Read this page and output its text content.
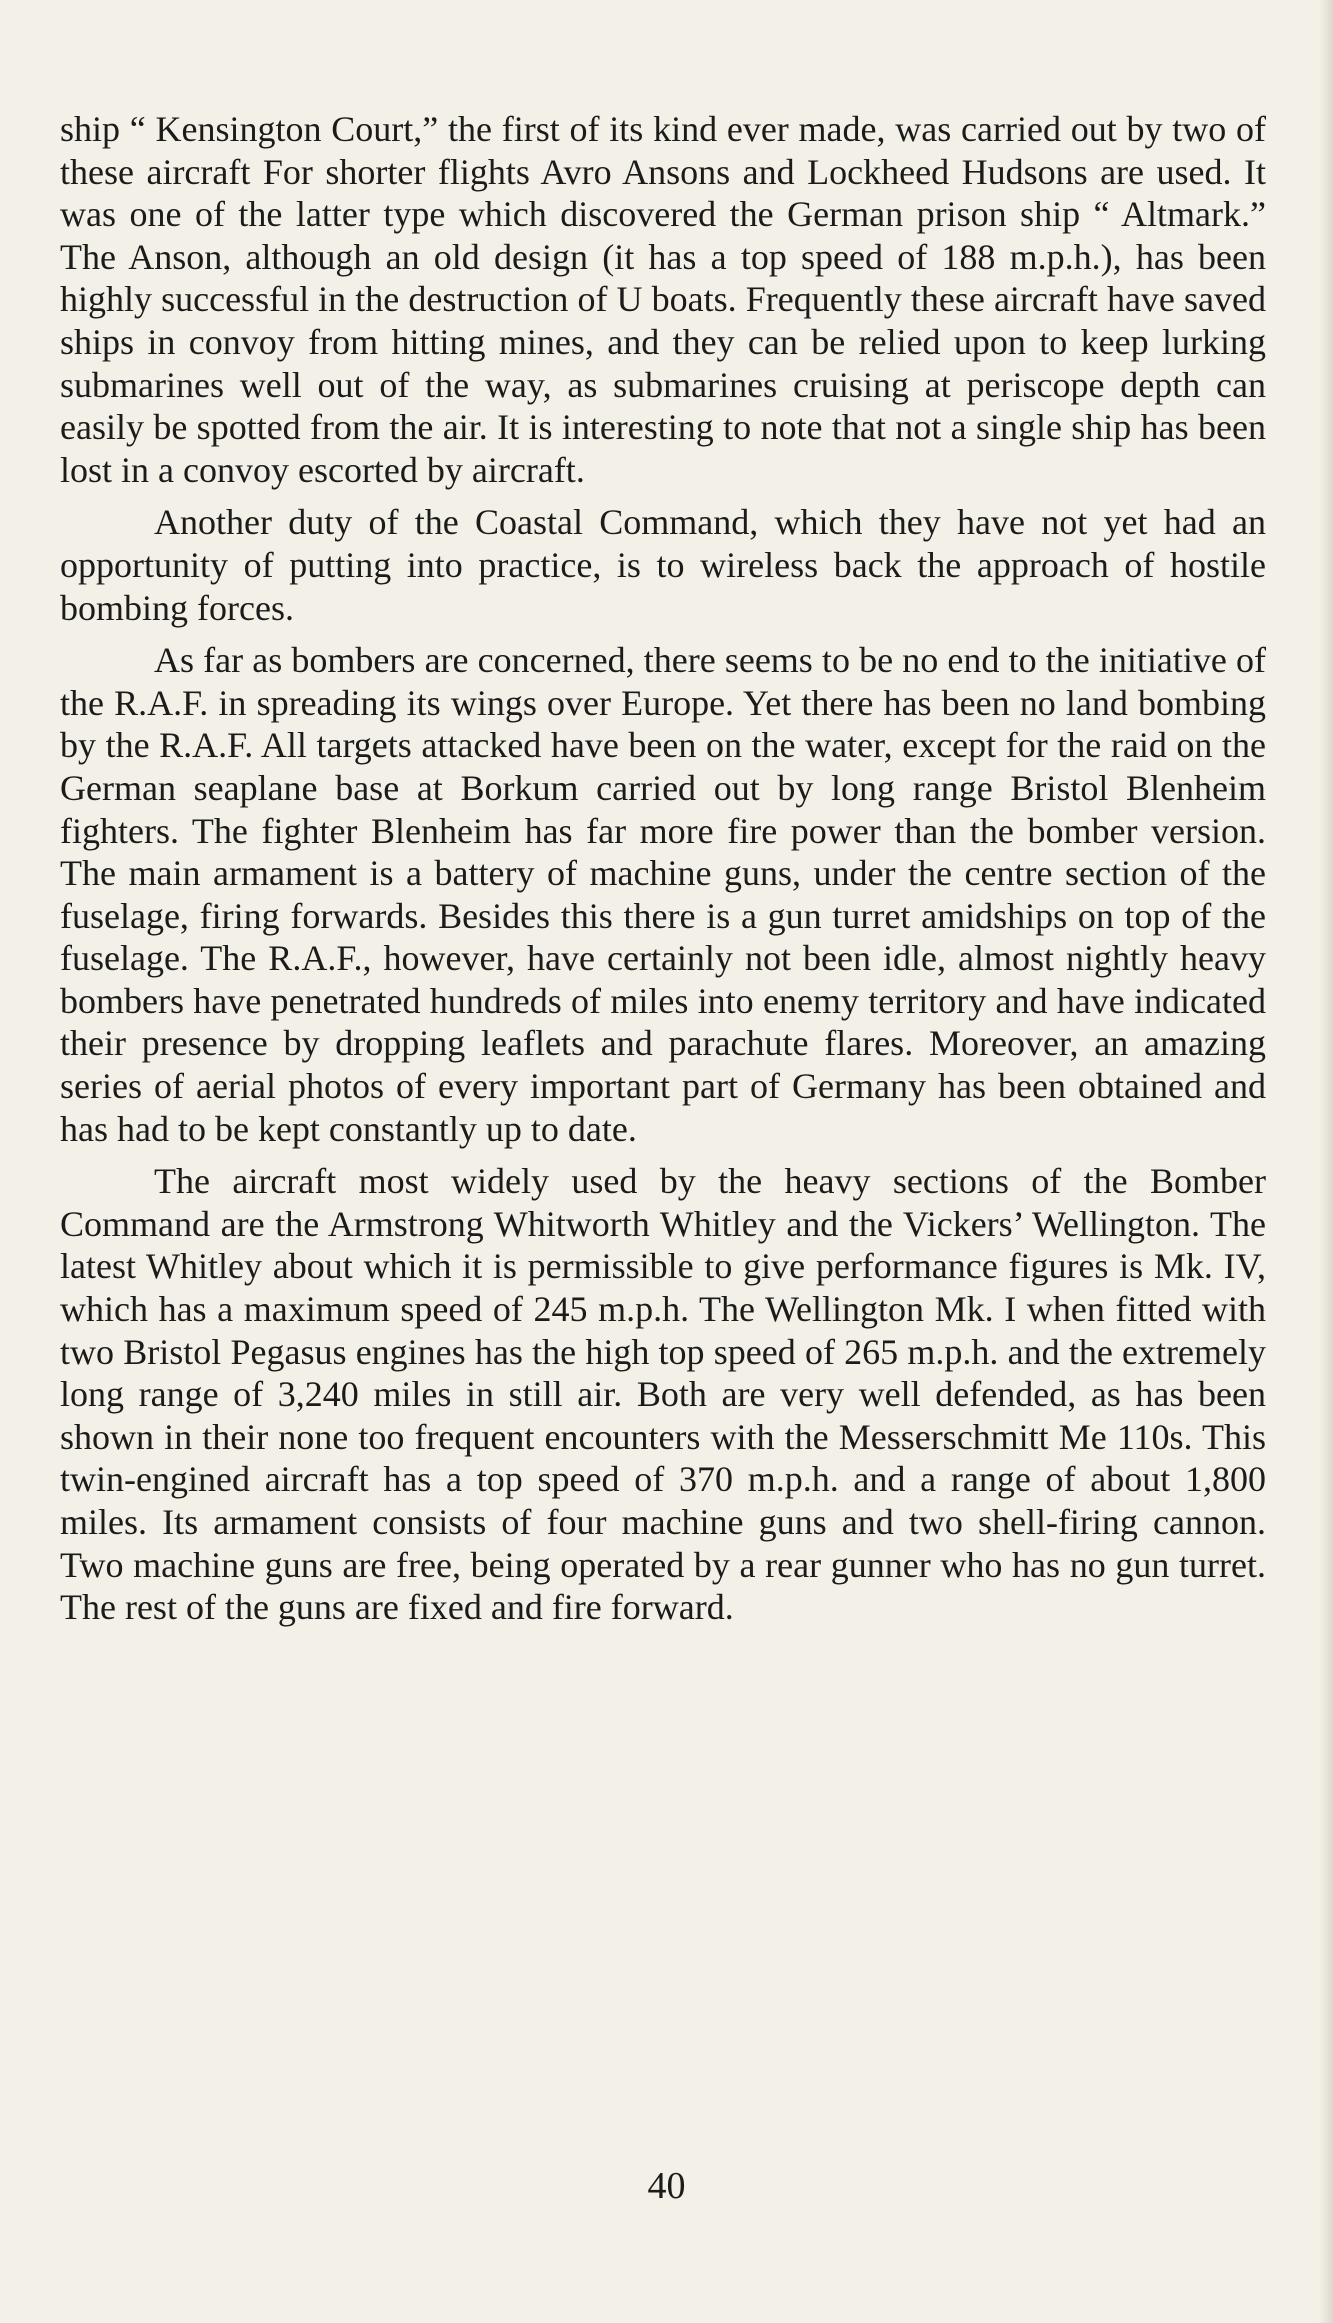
ship “ Kensington Court,” the first of its kind ever made, was carried out by two of these aircraft For shorter flights Avro Ansons and Lockheed Hudsons are used. It was one of the latter type which discovered the German prison ship “ Altmark.” The Anson, although an old design (it has a top speed of 188 m.p.h.), has been highly successful in the destruction of U boats. Frequently these aircraft have saved ships in convoy from hitting mines, and they can be relied upon to keep lurking submarines well out of the way, as submarines cruising at periscope depth can easily be spotted from the air. It is interesting to note that not a single ship has been lost in a convoy escorted by aircraft.

Another duty of the Coastal Command, which they have not yet had an opportunity of putting into practice, is to wireless back the approach of hostile bombing forces.

As far as bombers are concerned, there seems to be no end to the initiative of the R.A.F. in spreading its wings over Europe. Yet there has been no land bombing by the R.A.F. All targets attacked have been on the water, except for the raid on the German seaplane base at Borkum carried out by long range Bristol Blenheim fighters. The fighter Blenheim has far more fire power than the bomber version. The main armament is a battery of machine guns, under the centre section of the fuselage, firing forwards. Besides this there is a gun turret amidships on top of the fuselage. The R.A.F., however, have certainly not been idle, almost nightly heavy bombers have penetrated hundreds of miles into enemy territory and have indicated their presence by dropping leaflets and parachute flares. Moreover, an amazing series of aerial photos of every important part of Germany has been obtained and has had to be kept constantly up to date.

The aircraft most widely used by the heavy sections of the Bomber Command are the Armstrong Whitworth Whitley and the Vickers’ Wellington. The latest Whitley about which it is permissible to give performance figures is Mk. IV, which has a maximum speed of 245 m.p.h. The Wellington Mk. I when fitted with two Bristol Pegasus engines has the high top speed of 265 m.p.h. and the extremely long range of 3,240 miles in still air. Both are very well defended, as has been shown in their none too frequent encounters with the Messerschmitt Me 110s. This twin-engined aircraft has a top speed of 370 m.p.h. and a range of about 1,800 miles. Its armament consists of four machine guns and two shell-firing cannon. Two machine guns are free, being operated by a rear gunner who has no gun turret. The rest of the guns are fixed and fire forward.

40
